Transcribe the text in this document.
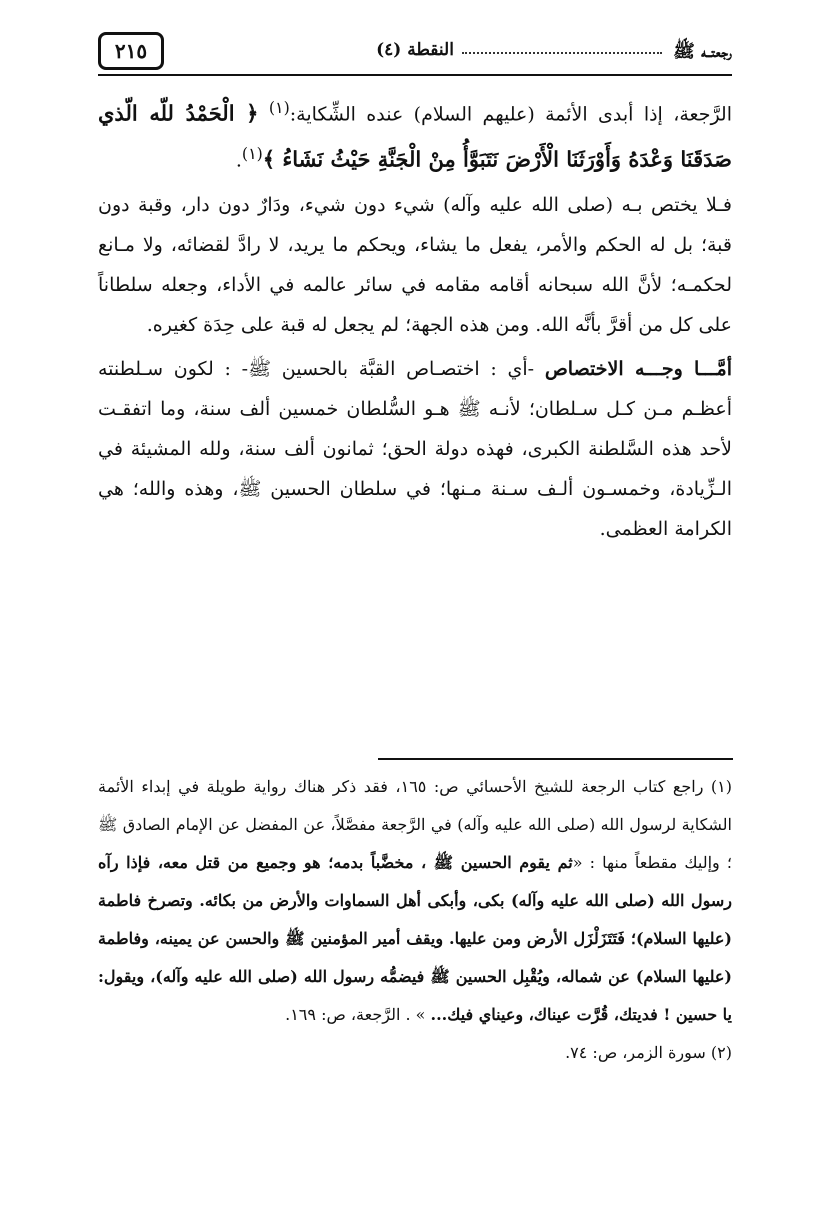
رجعتــه ﷺ
النقطة (٤)
٢١٥

الرَّجعة، إذا أبدى الأئمة (عليهم السلام) عنده الشِّكاية:$^{(١)}$ ﴿ الْحَمْدُ للّه الّذي صَدَقَنَا وَعْدَهُ وَأَوْرَثَنَا الْأَرْضَ نَتَبَوَّأُ مِنْ الْجَنَّةِ حَيْثُ نَشَاءُ ﴾$^{(١)}$.

فـلا يختص بـه (صلى الله عليه وآله) شيء دون شيء، ودَارٌ دون دار، وقبة دون قبة؛ بل له الحكم والأمر، يفعل ما يشاء، ويحكم ما يريد، لا رادَّ لقضائه، ولا مـانع لحكمـه؛ لأنَّ الله سبحانه أقامه مقامه في سائر عالمه في الأداء، وجعله سلطاناً على كل من أقرَّ بأنَّه الله. ومن هذه الجهة؛ لم يجعل له قبة على حِدَة كغيره.

أمَّـــا وجـــه الاختصاص -أي : اختصـاص القبَّة بالحسين ﷺ- : لكون سـلطنته أعظـم مـن كـل سـلطان؛ لأنـه ﷺ هـو السُّلطان خمسين ألف سنة، وما اتفقـت لأحد هذه السَّلطنة الكبرى، فهذه دولة الحق؛ ثمانون ألف سنة، ولله المشيئة في الـزِّيادة، وخمسـون ألـف سـنة مـنها؛ في سلطان الحسين ﷺ، وهذه والله؛ هي الكرامة العظمى.

(١) راجع كتاب الرجعة للشيخ الأحسائي ص: ١٦٥، فقد ذكر هناك رواية طويلة في إبداء الأئمة الشكاية لرسول الله (صلى الله عليه وآله) في الرَّجعة مفصَّلاً، عن المفضل عن الإمام الصادق ﷺ ؛ وإليك مقطعاً منها : «ثم يقوم الحسين ﷺ ، مخضَّباً بدمه؛ هو وجميع من قتل معه، فإذا رآه رسول الله (صلى الله عليه وآله) بكى، وأبكى أهل السماوات والأرض من بكائه. وتصرخ فاطمة (عليها السلام)؛ فَتَتَزَلْزَل الأرض ومن عليها. ويقف أمير المؤمنين ﷺ والحسن عن يمينه، وفاطمة (عليها السلام) عن شماله، ويُقْبِل الحسين ﷺ فيضمُّه رسول الله (صلى الله عليه وآله)، ويقول: يا حسين ! فديتك، قُرَّت عيناك، وعيناي فيك... » . الرَّجعة، ص: ١٦٩.

(٢) سورة الزمر، ص: ٧٤.
